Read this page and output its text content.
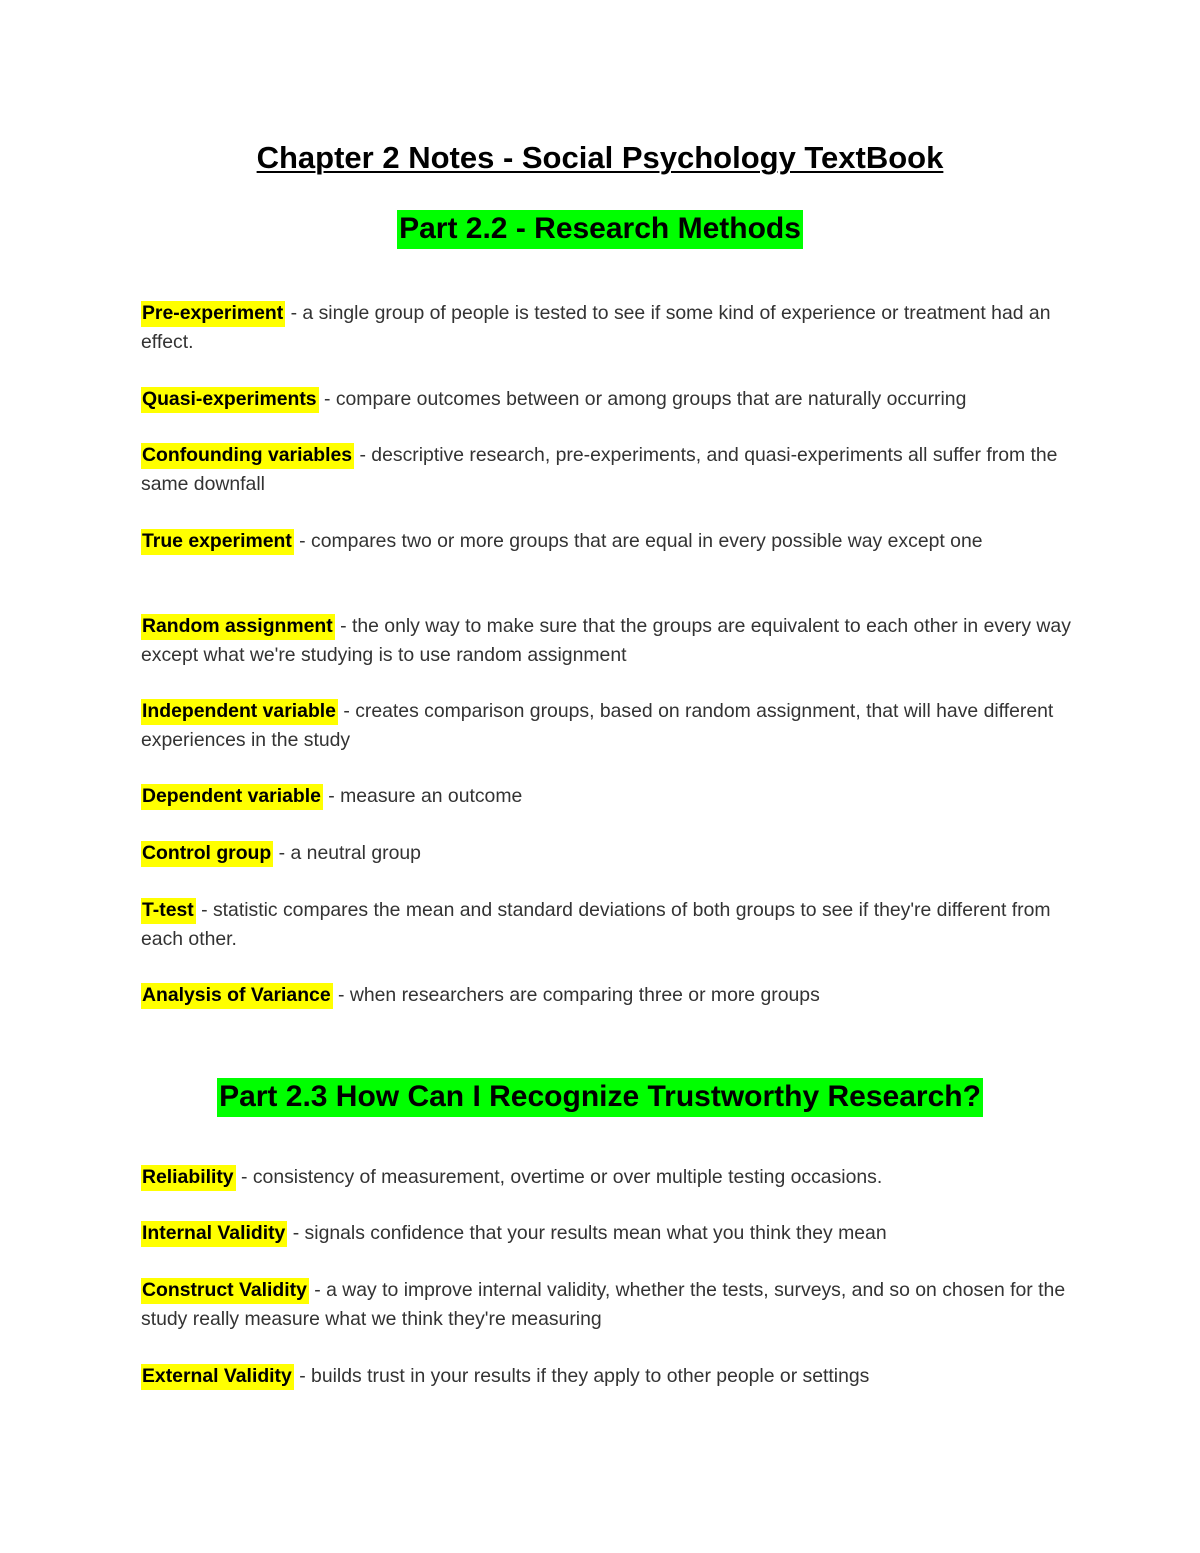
Chapter 2 Notes - Social Psychology TextBook
Part 2.2 - Research Methods

Pre-experiment - a single group of people is tested to see if some kind of experience or treatment had an effect.

Quasi-experiments - compare outcomes between or among groups that are naturally occurring

Confounding variables - descriptive research, pre-experiments, and quasi-experiments all suffer from the same downfall

True experiment - compares two or more groups that are equal in every possible way except one

Random assignment - the only way to make sure that the groups are equivalent to each other in every way except what we're studying is to use random assignment

Independent variable - creates comparison groups, based on random assignment, that will have different experiences in the study

Dependent variable - measure an outcome

Control group - a neutral group

T-test - statistic compares the mean and standard deviations of both groups to see if they're different from each other.

Analysis of Variance - when researchers are comparing three or more groups

Part 2.3 How Can I Recognize Trustworthy Research?

Reliability - consistency of measurement, overtime or over multiple testing occasions.

Internal Validity - signals confidence that your results mean what you think they mean

Construct Validity - a way to improve internal validity, whether the tests, surveys, and so on chosen for the study really measure what we think they're measuring

External Validity - builds trust in your results if they apply to other people or settings
